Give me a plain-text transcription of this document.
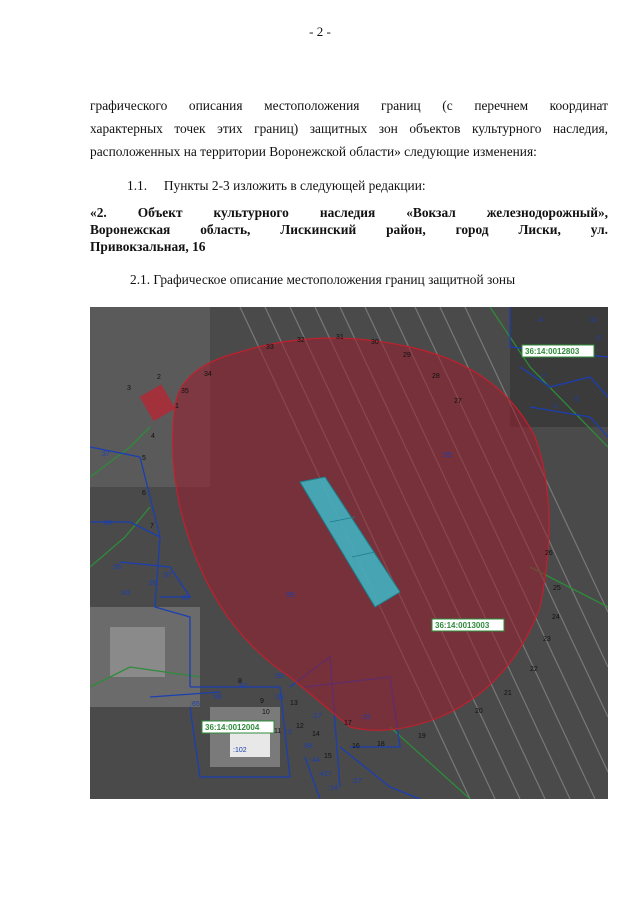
- 2 -
графического описания местоположения границ (с перечнем координат
характерных точек этих границ) защитных зон объектов культурного наследия,
расположенных на территории Воронежской области» следующие изменения:
1.1. Пункты 2-3 изложить в следующей редакции:
«2. Объект культурного наследия «Вокзал железнодорожный»,
Воронежская область, Лискинский район, город Лиски, ул.
Привокзальная, 16
2.1. Графическое описание местоположения границ защитной зоны
36:14:0012803
36:14:0013003
36:14:0012004
:4	:11
:3
:7
:1
:6
:37
:96
:95
:26
:97
:43
:89	:55
:55
:66
:65
:67
:102
:90
:36
:2
:17	:31
:88
:44
:417
:14
:27
1
2
3
4
5
6
7
8
9
10
11
12
13
14
15
16
17
18
19
20
21
22
23
24
25
26
27
28
29
30
31
32
33
34
35
